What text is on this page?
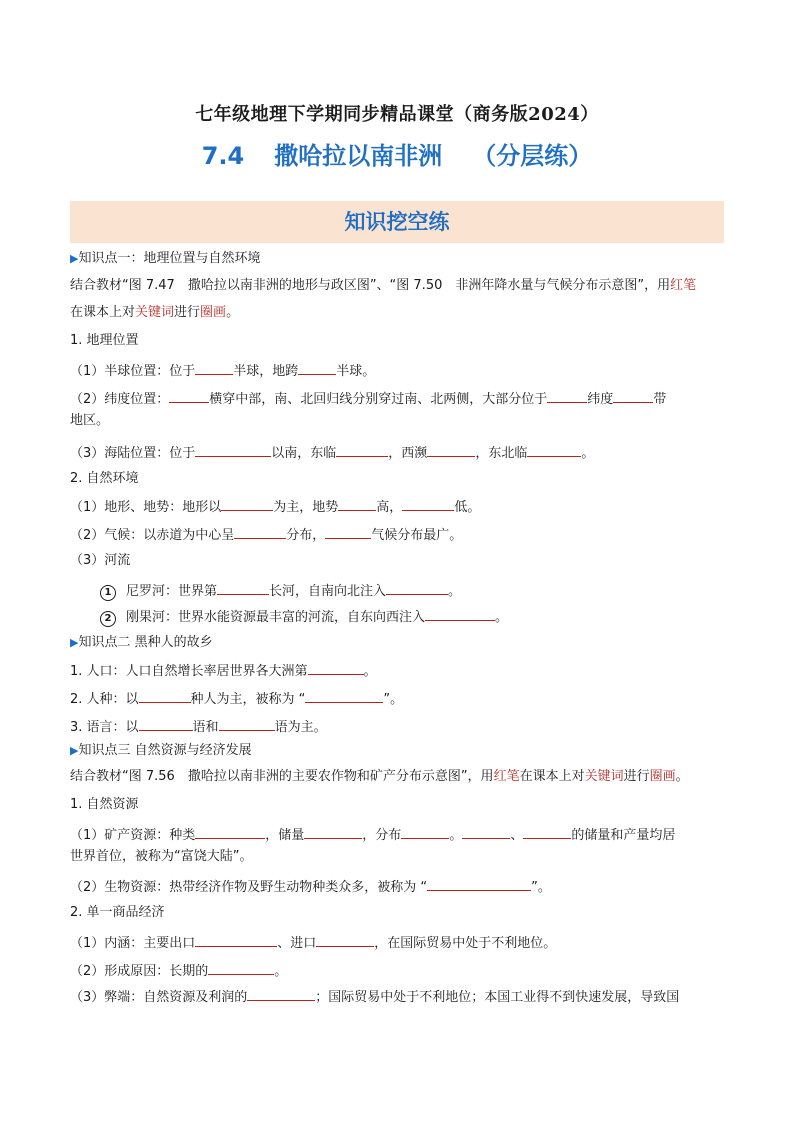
七年级地理下学期同步精品课堂（商务版2024）
7.4 撒哈拉以南非洲 （分层练）
知识挖空练
▶知识点一：地理位置与自然环境
结合教材“图 7.47　撒哈拉以南非洲的地形与政区图”、“图 7.50　非洲年降水量与气候分布示意图”，用红笔
在课本上对关键词进行圈画。
1. 地理位置
（1）半球位置：位于	半球，地跨	半球。
（2）纬度位置：	横穿中部，南、北回归线分别穿过南、北两侧，大部分位于	纬度	带
地区。
（3）海陆位置：位于	以南，东临	，西濒	，东北临	。
2. 自然环境
（1）地形、地势：地形以	为主，地势	高，	低。
（2）气候：以赤道为中心呈	分布，	气候分布最广。
（3）河流
1 尼罗河：世界第	长河，自南向北注入	。
2 刚果河：世界水能资源最丰富的河流，自东向西注入	。
▶知识点二 黑种人的故乡
1. 人口：人口自然增长率居世界各大洲第	。
2. 人种：以	种人为主，被称为 “	”。
3. 语言：以	语和	语为主。
▶知识点三 自然资源与经济发展
结合教材“图 7.56　撒哈拉以南非洲的主要农作物和矿产分布示意图”，用红笔在课本上对关键词进行圈画。
1. 自然资源
（1）矿产资源：种类	，储量	，分布	。	、	的储量和产量均居
世界首位，被称为“富饶大陆”。
（2）生物资源：热带经济作物及野生动物种类众多，被称为 “	”。
2. 单一商品经济
（1）内涵：主要出口	、进口	，在国际贸易中处于不利地位。
（2）形成原因：长期的	。
（3）弊端：自然资源及利润的	；国际贸易中处于不利地位；本国工业得不到快速发展，导致国
